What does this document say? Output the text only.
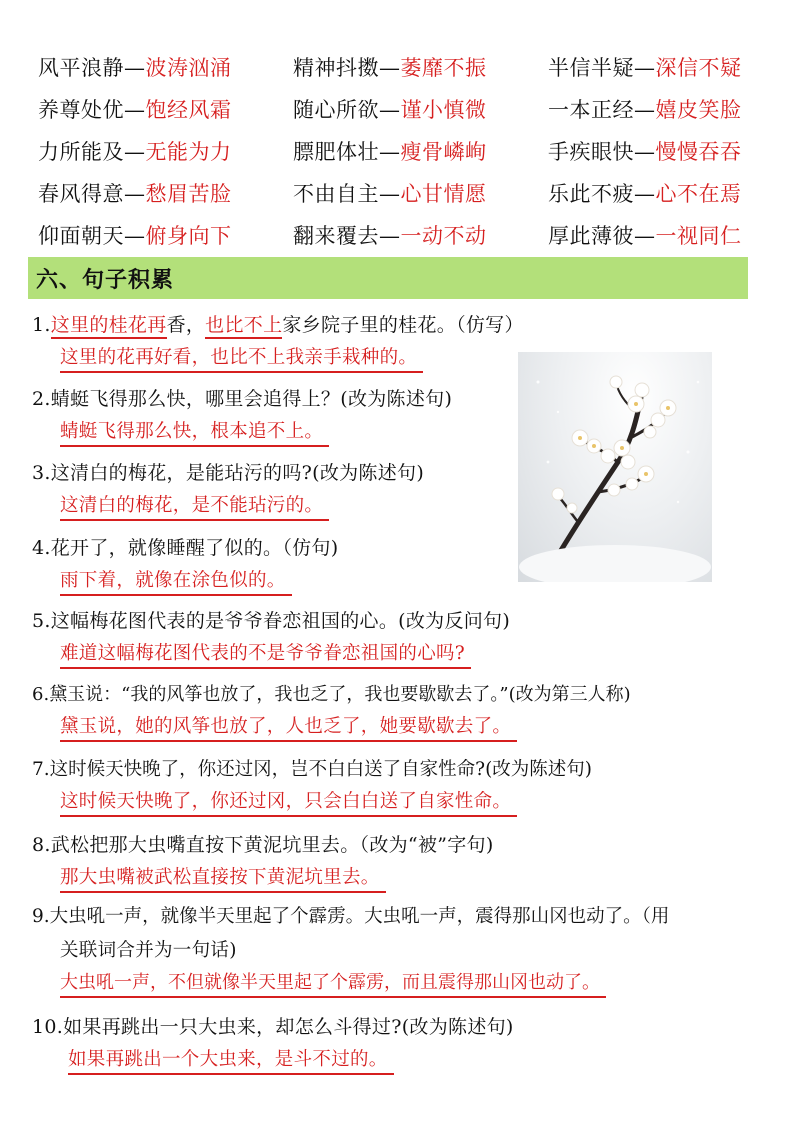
风平浪静—波涛汹涌	精神抖擞—萎靡不振	半信半疑—深信不疑
养尊处优—饱经风霜	随心所欲—谨小慎微	一本正经—嬉皮笑脸
力所能及—无能为力	膘肥体壮—瘦骨嶙峋	手疾眼快—慢慢吞吞
春风得意—愁眉苦脸	不由自主—心甘情愿	乐此不疲—心不在焉
仰面朝天—俯身向下	翻来覆去—一动不动	厚此薄彼—一视同仁
六、句子积累
1.这里的桂花再香，也比不上家乡院子里的桂花。（仿写）
这里的花再好看，也比不上我亲手栽种的。
2.蜻蜓飞得那么快，哪里会追得上？(改为陈述句)
蜻蜓飞得那么快，根本追不上。
3.这清白的梅花，是能玷污的吗?(改为陈述句)
这清白的梅花，是不能玷污的。
4.花开了，就像睡醒了似的。（仿句)
雨下着，就像在涂色似的。
5.这幅梅花图代表的是爷爷眷恋祖国的心。(改为反问句)
难道这幅梅花图代表的不是爷爷眷恋祖国的心吗?
6.黛玉说：“我的风筝也放了，我也乏了，我也要歇歇去了。”(改为第三人称)
黛玉说，她的风筝也放了，人也乏了，她要歇歇去了。
7.这时候天快晚了，你还过冈，岂不白白送了自家性命?(改为陈述句)
这时候天快晚了，你还过冈，只会白白送了自家性命。
8.武松把那大虫嘴直按下黄泥坑里去。（改为“被”字句)
那大虫嘴被武松直接按下黄泥坑里去。
9.大虫吼一声，就像半天里起了个霹雳。大虫吼一声，震得那山冈也动了。（用
关联词合并为一句话)
大虫吼一声，不但就像半天里起了个霹雳，而且震得那山冈也动了。
10.如果再跳出一只大虫来，却怎么斗得过?(改为陈述句)
如果再跳出一个大虫来，是斗不过的。
